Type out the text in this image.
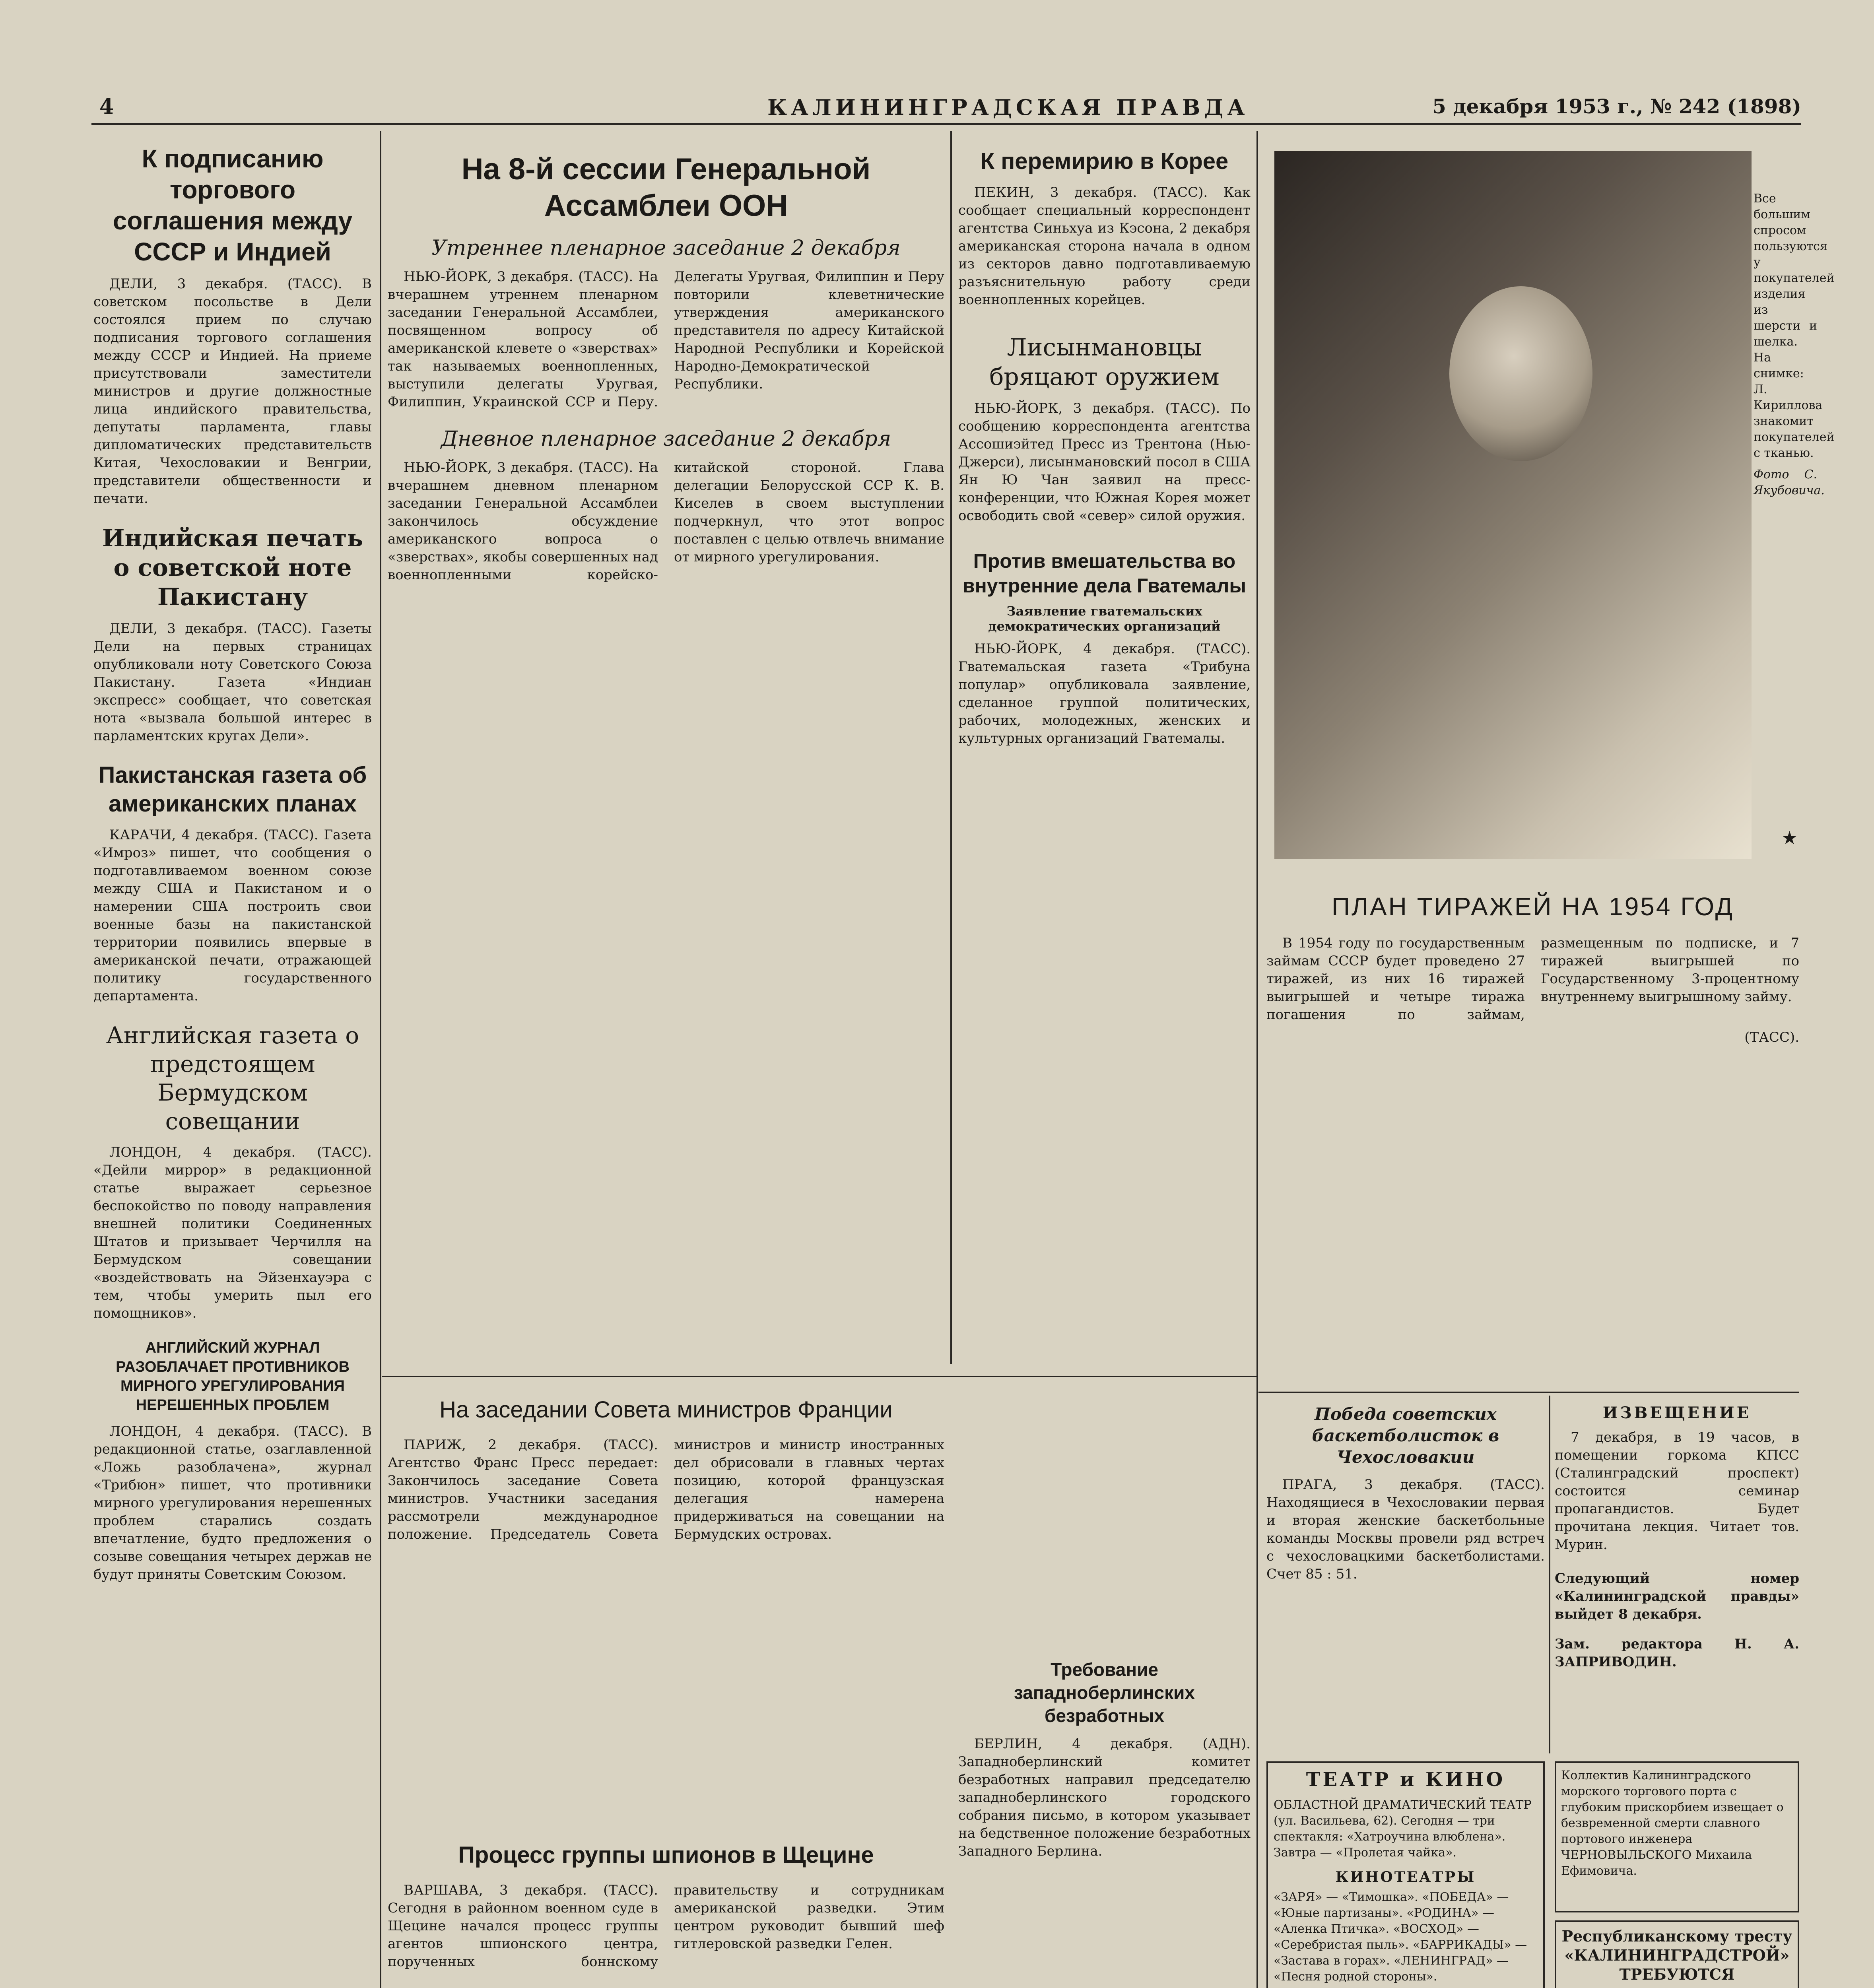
4	КАЛИНИНГРАДСКАЯ ПРАВДА	5 декабря 1953 г., № 242 (1898)
К подписанию торгового соглашения между СССР и Индией

ДЕЛИ, 3 декабря. (ТАСС). В советском посольстве в Дели состоялся прием по случаю подписания торгового соглашения между СССР и Индией. На приеме присутствовали заместители министров и другие должностные лица индийского правительства, депутаты парламента, главы дипломатических представительств Китая, Чехословакии и Венгрии, представители общественности и печати.

Индийская печать о советской ноте Пакистану

ДЕЛИ, 3 декабря. (ТАСС). Газеты Дели на первых страницах опубликовали ноту Советского Союза Пакистану. Газета «Индиан экспресс» сообщает, что советская нота «вызвала большой интерес в парламентских кругах Дели».

Пакистанская газета об американских планах

КАРАЧИ, 4 декабря. (ТАСС). Газета «Имроз» пишет, что сообщения о подготавливаемом военном союзе между США и Пакистаном и о намерении США построить свои военные базы на пакистанской территории появились впервые в американской печати, отражающей политику государственного департамента.

Английская газета о предстоящем Бермудском совещании

ЛОНДОН, 4 декабря. (ТАСС). «Дейли миррор» в редакционной статье выражает серьезное беспокойство по поводу направления внешней политики Соединенных Штатов и призывает Черчилля на Бермудском совещании «воздействовать на Эйзенхауэра с тем, чтобы умерить пыл его помощников».

АНГЛИЙСКИЙ ЖУРНАЛ РАЗОБЛАЧАЕТ ПРОТИВНИКОВ МИРНОГО УРЕГУЛИРОВАНИЯ НЕРЕШЕННЫХ ПРОБЛЕМ

ЛОНДОН, 4 декабря. (ТАСС). В редакционной статье, озаглавленной «Ложь разоблачена», журнал «Трибюн» пишет, что противники мирного урегулирования нерешенных проблем старались создать впечатление, будто предложения о созыве совещания четырех держав не будут приняты Советским Союзом.

На 8-й сессии Генеральной Ассамблеи ООН
Утреннее пленарное заседание 2 декабря

НЬЮ-ЙОРК, 3 декабря. (ТАСС). На вчерашнем утреннем пленарном заседании Генеральной Ассамблеи, посвященном вопросу об американской клевете о «зверствах» так называемых военнопленных, выступили делегаты Уругвая, Филиппин, Украинской ССР и Перу. Делегаты Уругвая, Филиппин и Перу повторили клеветнические утверждения американского представителя по адресу Китайской Народной Республики и Корейской Народно-Демократической Республики.

Дневное пленарное заседание 2 декабря

НЬЮ-ЙОРК, 3 декабря. (ТАСС). На вчерашнем дневном пленарном заседании Генеральной Ассамблеи закончилось обсуждение американского вопроса о «зверствах», якобы совершенных над военнопленными корейско-китайской стороной. Глава делегации Белорусской ССР К. В. Киселев в своем выступлении подчеркнул, что этот вопрос поставлен с целью отвлечь внимание от мирного урегулирования.

На заседании Совета министров Франции

ПАРИЖ, 2 декабря. (ТАСС). Агентство Франс Пресс передает: Закончилось заседание Совета министров. Участники заседания рассмотрели международное положение. Председатель Совета министров и министр иностранных дел обрисовали в главных чертах позицию, которой французская делегация намерена придерживаться на совещании на Бермудских островах.

Процесс группы шпионов в Щецине

ВАРШАВА, 3 декабря. (ТАСС). Сегодня в районном военном суде в Щецине начался процесс группы агентов шпионского центра, порученных боннскому правительству и сотрудникам американской разведки. Этим центром руководит бывший шеф гитлеровской разведки Гелен.

К перемирию в Корее

ПЕКИН, 3 декабря. (ТАСС). Как сообщает специальный корреспондент агентства Синьхуа из Кэсона, 2 декабря американская сторона начала в одном из секторов давно подготавливаемую разъяснительную работу среди военнопленных корейцев.

Лисынмановцы бряцают оружием

НЬЮ-ЙОРК, 3 декабря. (ТАСС). По сообщению корреспондента агентства Ассошиэйтед Пресс из Трентона (Нью-Джерси), лисынмановский посол в США Ян Ю Чан заявил на пресс-конференции, что Южная Корея может освободить свой «север» силой оружия.

Против вмешательства во внутренние дела Гватемалы
Заявление гватемальских демократических организаций

НЬЮ-ЙОРК, 4 декабря. (ТАСС). Гватемальская газета «Трибуна популар» опубликовала заявление, сделанное группой политических, рабочих, молодежных, женских и культурных организаций Гватемалы.

Требование западноберлинских безработных

БЕРЛИН, 4 декабря. (АДН). Западноберлинский комитет безработных направил председателю западноберлинского городского собрания письмо, в котором указывает на бедственное положение безработных Западного Берлина.

Все большим спросом пользуются у покупателей изделия из шерсти и шелка. На снимке: Л. Кириллова знакомит покупателей с тканью.

Фото С. Якубовича.

★
ПЛАН ТИРАЖЕЙ НА 1954 ГОД

В 1954 году по государственным займам СССР будет проведено 27 тиражей, из них 16 тиражей выигрышей и четыре тиража погашения по займам, размещенным по подписке, и 7 тиражей выигрышей по Государственному 3-процентному внутреннему выигрышному займу.

(ТАСС).
Победа советских баскетболисток в Чехословакии

ПРАГА, 3 декабря. (ТАСС). Находящиеся в Чехословакии первая и вторая женские баскетбольные команды Москвы провели ряд встреч с чехословацкими баскетболистами. Счет 85 : 51.

ИЗВЕЩЕНИЕ

7 декабря, в 19 часов, в помещении горкома КПСС (Сталинградский проспект) состоится семинар пропагандистов. Будет прочитана лекция. Читает тов. Мурин.

Следующий номер «Калининградской правды» выйдет 8 декабря.

Зам. редактора Н. А. ЗАПРИВОДИН.

ТЕАТР и КИНО
ОБЛАСТНОЙ ДРАМАТИЧЕСКИЙ ТЕАТР (ул. Васильева, 62). Сегодня — три спектакля: «Хатроучина влюблена». Завтра — «Пролетая чайка».
КИНОТЕАТРЫ
«ЗАРЯ» — «Тимошка». «ПОБЕДА» — «Юные партизаны». «РОДИНА» — «Аленка Птичка». «ВОСХОД» — «Серебристая пыль». «БАРРИКАДЫ» — «Застава в горах». «ЛЕНИНГРАД» — «Песня родной стороны».
Коллектив Калининградского морского торгового порта с глубоким прискорбием извещает о безвременной смерти славного портового инженера ЧЕРНОВЫЛЬСКОГО Михаила Ефимовича.
Республиканскому тресту «КАЛИНИНГРАДСТРОЙ» ТРЕБУЮТСЯ
